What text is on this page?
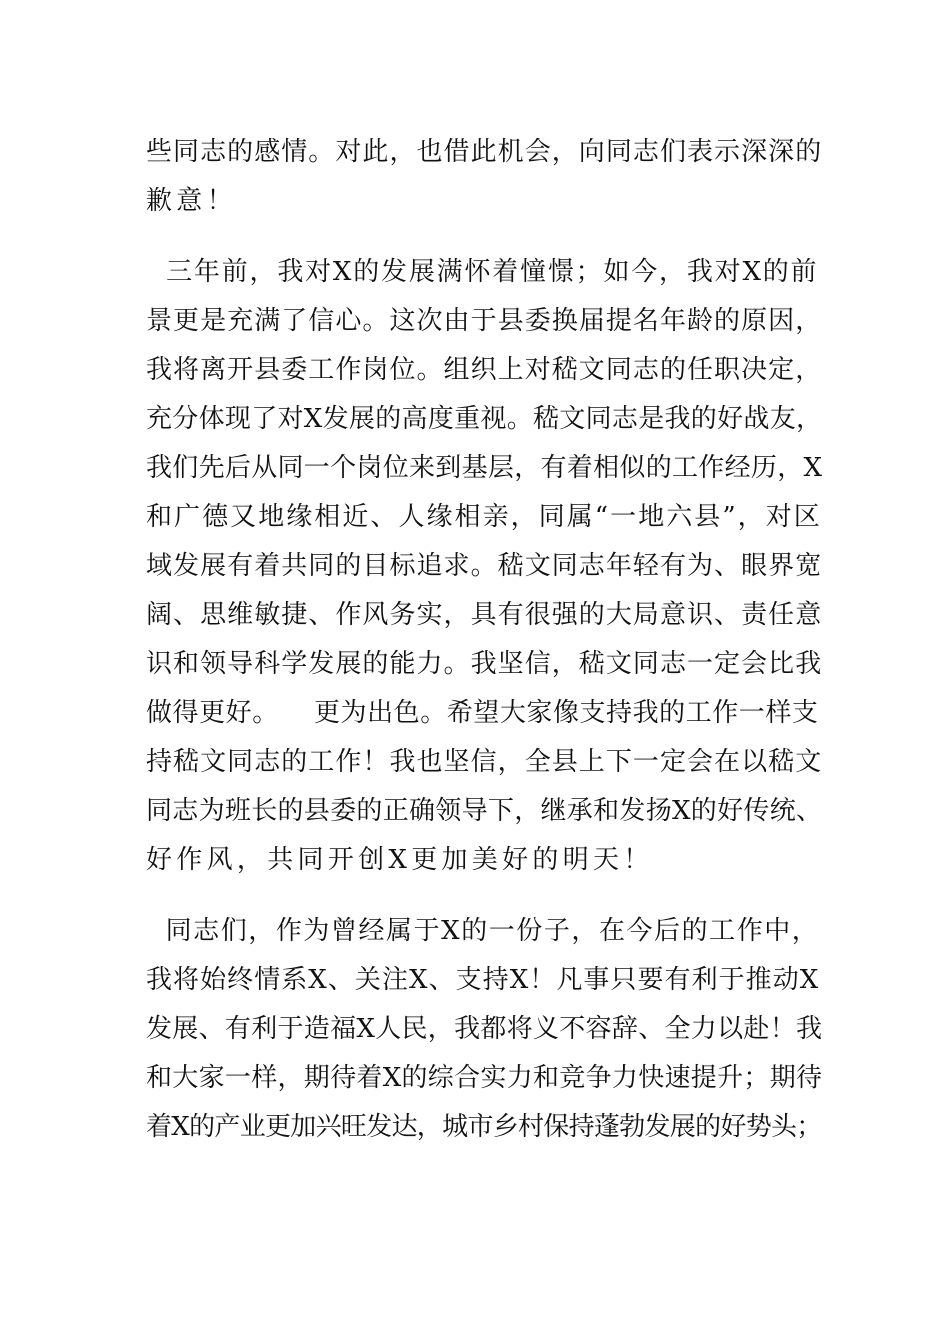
些同志的感情。对此，也借此机会，向同志们表示深深的
歉意！
三年前，我对X的发展满怀着憧憬；如今，我对X的前
景更是充满了信心。这次由于县委换届提名年龄的原因，
我将离开县委工作岗位。组织上对嵇文同志的任职决定，
充分体现了对X发展的高度重视。嵇文同志是我的好战友，
我们先后从同一个岗位来到基层，有着相似的工作经历，X
和广德又地缘相近、人缘相亲，同属“一地六县”，对区
域发展有着共同的目标追求。嵇文同志年轻有为、眼界宽
阔、思维敏捷、作风务实，具有很强的大局意识、责任意
识和领导科学发展的能力。我坚信，嵇文同志一定会比我
做得更好。    更为出色。希望大家像支持我的工作一样支
持嵇文同志的工作！我也坚信，全县上下一定会在以嵇文
同志为班长的县委的正确领导下，继承和发扬X的好传统、
好作风，共同开创X更加美好的明天！
同志们，作为曾经属于X的一份子，在今后的工作中，
我将始终情系X、关注X、支持X！凡事只要有利于推动X
发展、有利于造福X人民，我都将义不容辞、全力以赴！我
和大家一样，期待着X的综合实力和竞争力快速提升；期待
着X的产业更加兴旺发达，城市乡村保持蓬勃发展的好势头；
